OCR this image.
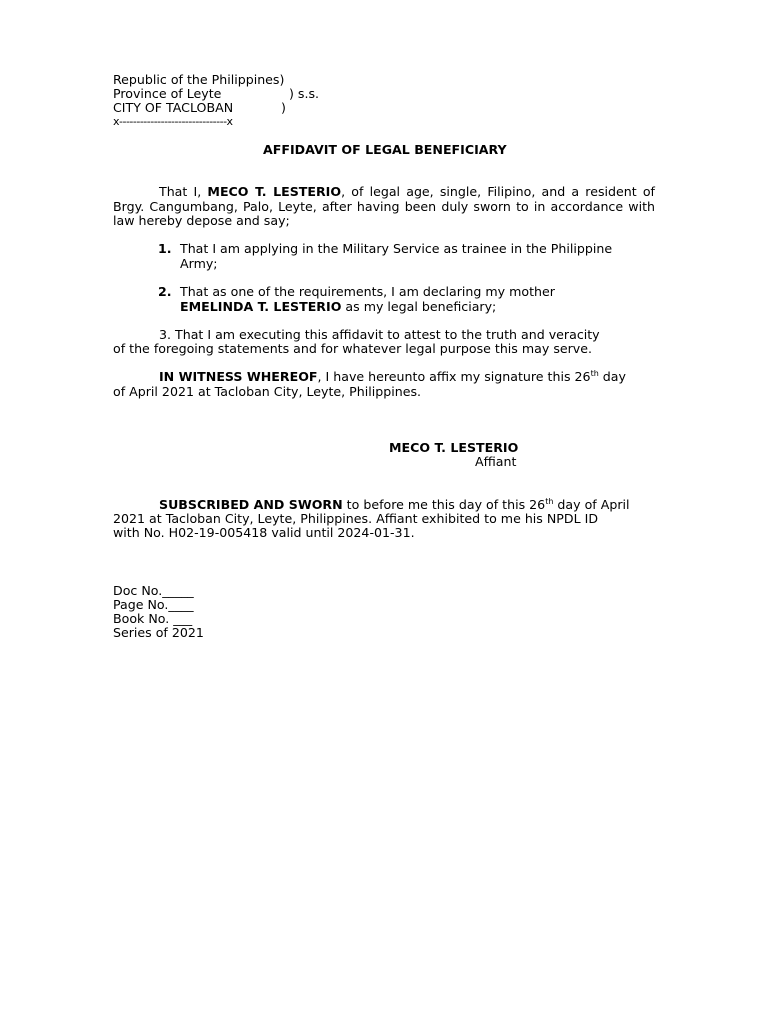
Republic of the Philippines)
Province of Leyte	) s.s.
CITY OF TACLOBAN	)
x-------------------------------x
AFFIDAVIT OF LEGAL BENEFICIARY
That I, MECO T. LESTERIO, of legal age, single, Filipino, and a resident of Brgy. Cangumbang, Palo, Leyte, after having been duly sworn to in accordance with law hereby depose and say;
1. That I am applying in the Military Service as trainee in the Philippine
Army;
2. That as one of the requirements, I am declaring my mother
EMELINDA T. LESTERIO as my legal beneficiary;
3. That I am executing this affidavit to attest to the truth and veracity
of the foregoing statements and for whatever legal purpose this may serve.
IN WITNESS WHEREOF, I have hereunto affix my signature this 26th day
of April 2021 at Tacloban City, Leyte, Philippines.
MECO T. LESTERIO
Affiant
SUBSCRIBED AND SWORN to before me this day of this 26th day of April
2021 at Tacloban City, Leyte, Philippines. Affiant exhibited to me his NPDL ID
with No. H02-19-005418 valid until 2024-01-31.
Doc No._____
Page No.____
Book No. ___
Series of 2021
